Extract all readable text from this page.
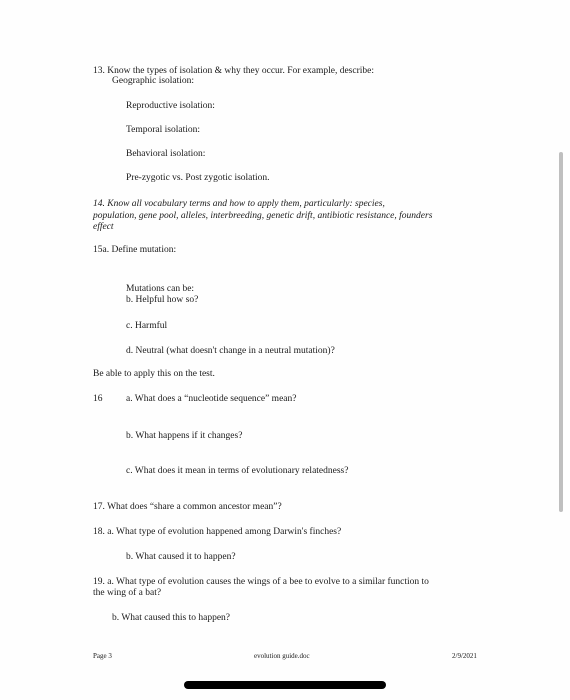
13. Know the types of isolation & why they occur. For example, describe:
Geographic isolation:
Reproductive isolation:
Temporal isolation:
Behavioral isolation:
Pre-zygotic vs. Post zygotic isolation.
14. Know all vocabulary terms and how to apply them, particularly: species,
population, gene pool, alleles, interbreeding, genetic drift, antibiotic resistance, founders
effect
15a. Define mutation:
Mutations can be:
b. Helpful how so?
c. Harmful
d. Neutral (what doesn't change in a neutral mutation)?
Be able to apply this on the test.
16 a. What does a “nucleotide sequence” mean?
b. What happens if it changes?
c. What does it mean in terms of evolutionary relatedness?
17. What does “share a common ancestor mean”?
18. a. What type of evolution happened among Darwin's finches?
b. What caused it to happen?
19. a. What type of evolution causes the wings of a bee to evolve to a similar function to
the wing of a bat?
b. What caused this to happen?
Page 3	evolution guide.doc	2/9/2021
